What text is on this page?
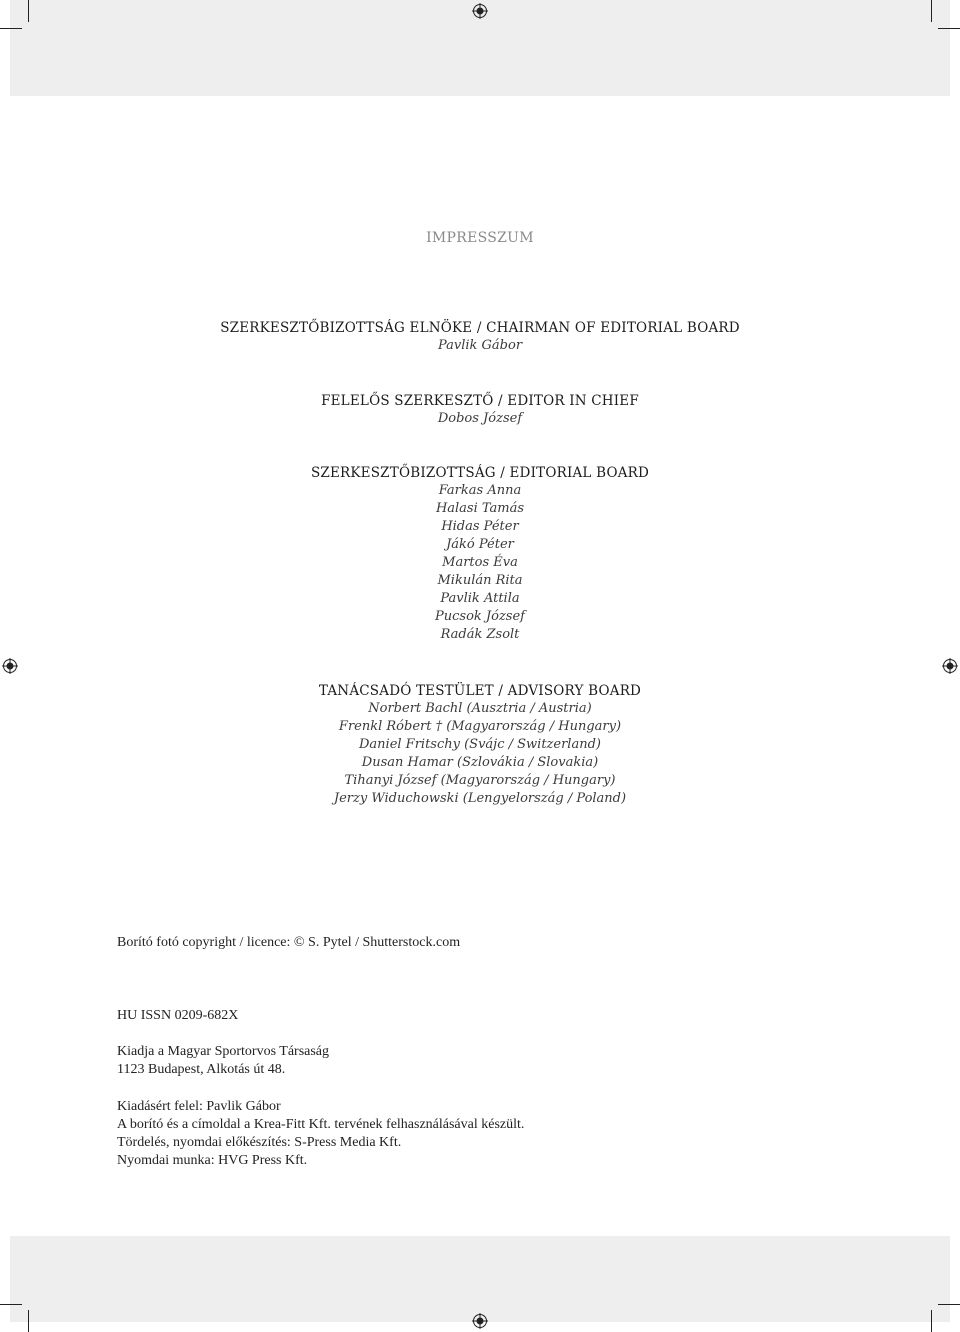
IMPRESSZUM
SZERKESZTŐBIZOTTSÁG ELNÖKE / CHAIRMAN OF EDITORIAL BOARD
Pavlik Gábor
FELELŐS SZERKESZTŐ / EDITOR IN CHIEF
Dobos József
SZERKESZTŐBIZOTTSÁG / EDITORIAL BOARD
Farkas Anna
Halasi Tamás
Hidas Péter
Jákó Péter
Martos Éva
Mikulán Rita
Pavlik Attila
Pucsok József
Radák Zsolt
TANÁCSADÓ TESTÜLET / ADVISORY BOARD
Norbert Bachl (Ausztria / Austria)
Frenkl Róbert † (Magyarország / Hungary)
Daniel Fritschy (Svájc / Switzerland)
Dusan Hamar (Szlovákia / Slovakia)
Tihanyi József (Magyarország / Hungary)
Jerzy Widuchowski (Lengyelország / Poland)
Borító fotó copyright / licence: © S. Pytel / Shutterstock.com
HU ISSN 0209-682X
Kiadja a Magyar Sportorvos Társaság
1123 Budapest, Alkotás út 48.
Kiadásért felel: Pavlik Gábor
A borító és a címoldal a Krea-Fitt Kft. tervének felhasználásával készült.
Tördelés, nyomdai előkészítés: S-Press Media Kft.
Nyomdai munka: HVG Press Kft.
